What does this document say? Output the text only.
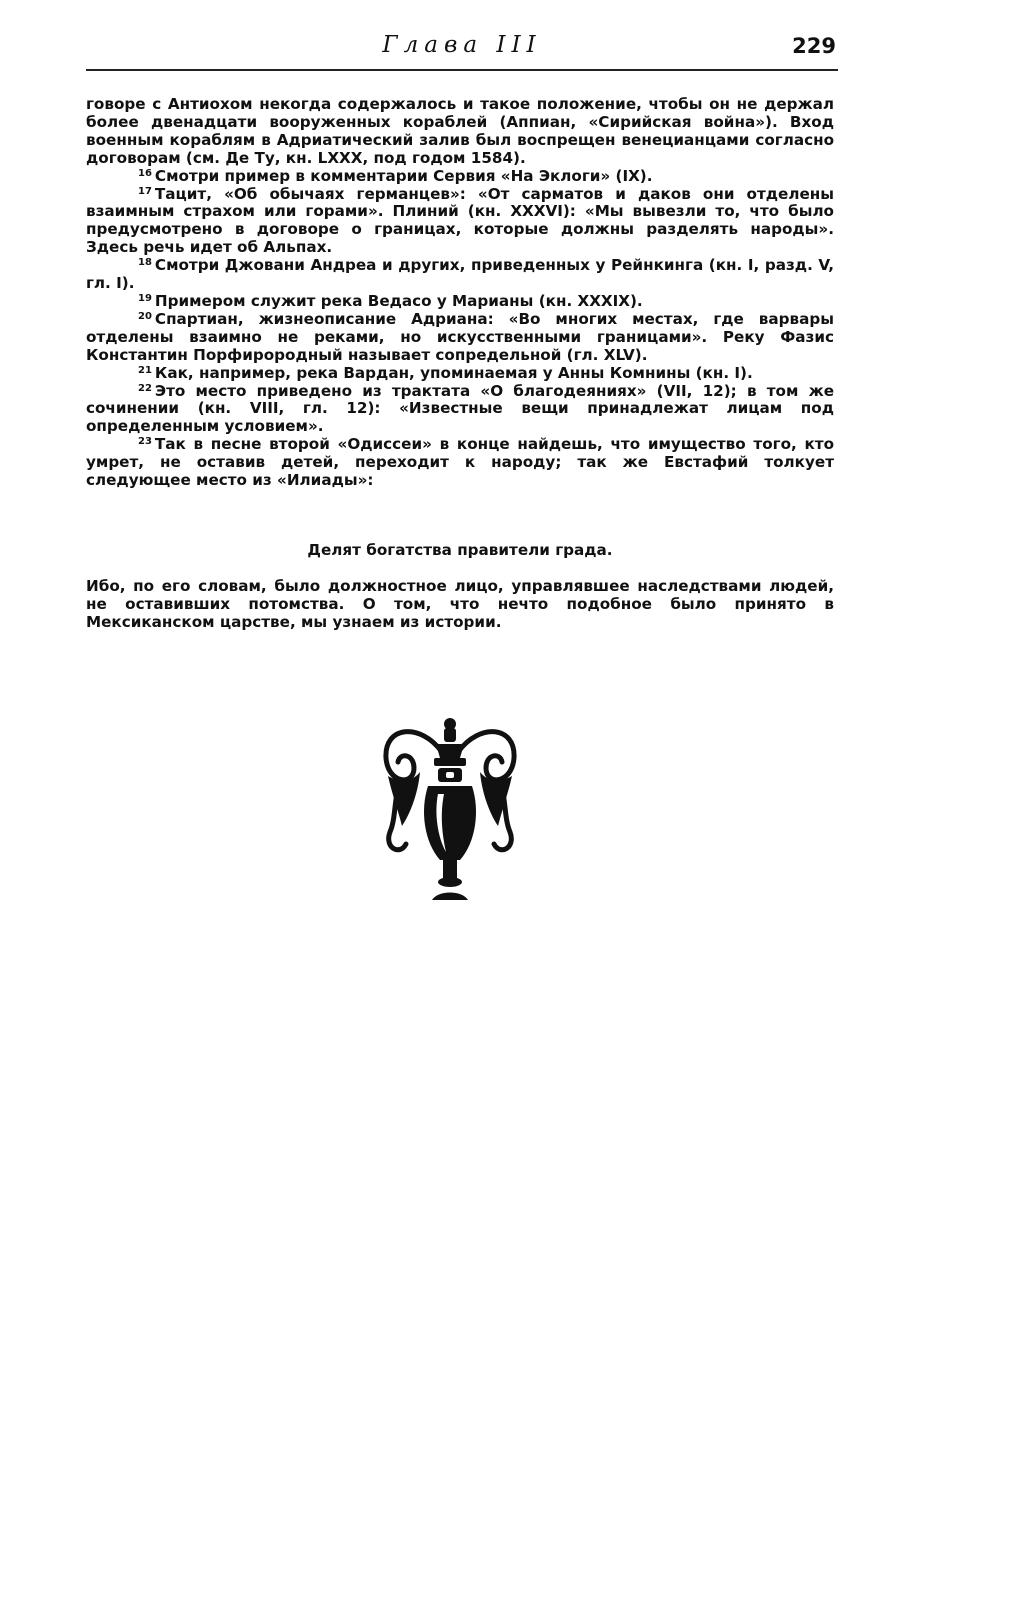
Глава III	229

говоре с Антиохом некогда содержалось и такое положение, чтобы он не держал более двенадцати вооруженных кораблей (Аппиан, «Сирийская война»). Вход военным кораблям в Адриатический залив был воспрещен венецианцами согласно договорам (см. Де Ту, кн. LXXX, под годом 1584).

$^{16}$ Смотри пример в комментарии Сервия «На Эклоги» (IX).

$^{17}$ Тацит, «Об обычаях германцев»: «От сарматов и даков они отделены взаимным страхом или горами». Плиний (кн. XXXVI): «Мы вывезли то, что было предусмотрено в договоре о границах, которые должны разделять народы». Здесь речь идет об Альпах.

$^{18}$ Смотри Джовани Андреа и других, приведенных у Рейнкинга (кн. I, разд. V, гл. I).

$^{19}$ Примером служит река Ведасо у Марианы (кн. XXXIX).

$^{20}$ Спартиан, жизнеописание Адриана: «Во многих местах, где варвары отделены взаимно не реками, но искусственными границами». Реку Фазис Константин Порфирородный называет сопредельной (гл. XLV).

$^{21}$ Как, например, река Вардан, упоминаемая у Анны Комнины (кн. I).

$^{22}$ Это место приведено из трактата «О благодеяниях» (VII, 12); в том же сочинении (кн. VIII, гл. 12): «Известные вещи принадлежат лицам под определенным условием».

$^{23}$ Так в песне второй «Одиссеи» в конце найдешь, что имущество того, кто умрет, не оставив детей, переходит к народу; так же Евстафий толкует следующее место из «Илиады»:

Делят богатства правители града.

Ибо, по его словам, было должностное лицо, управлявшее наследствами людей, не оставивших потомства. О том, что нечто подобное было принято в Мексиканском царстве, мы узнаем из истории.
